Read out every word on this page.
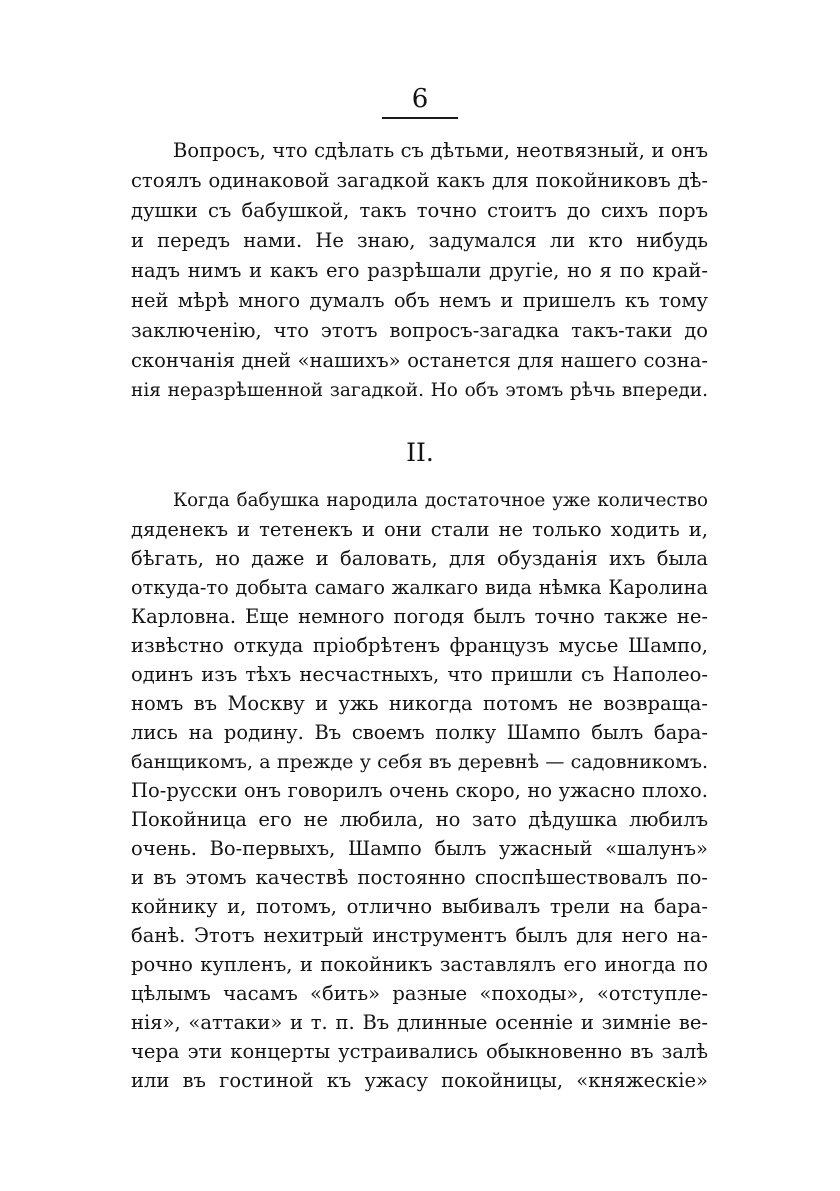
6
Вопросъ, что сдѣлать съ дѣтьми, неотвязный, и онъ
стоялъ одинаковой загадкой какъ для покойниковъ дѣ-
душки съ бабушкой, такъ точно стоитъ до сихъ поръ
и передъ нами. Не знаю, задумался ли кто нибудь
надъ нимъ и какъ его разрѣшали другіе, но я по край-
ней мѣрѣ много думалъ объ немъ и пришелъ къ тому
заключенію, что этотъ вопросъ-загадка такъ-таки до
скончанія дней «нашихъ» останется для нашего созна-
нія неразрѣшенной загадкой. Но объ этомъ рѣчь впереди.
II.
Когда бабушка народила достаточное уже количество
дяденекъ и тетенекъ и они стали не только ходить и,
бѣгать, но даже и баловать, для обузданія ихъ была
откуда-то добыта самаго жалкаго вида нѣмка Каролина
Карловна. Еще немного погодя былъ точно также не-
извѣстно откуда пріобрѣтенъ французъ мусье Шампо,
одинъ изъ тѣхъ несчастныхъ, что пришли съ Наполео-
номъ въ Москву и ужь никогда потомъ не возвраща-
лись на родину. Въ своемъ полку Шампо былъ бара-
банщикомъ, а прежде у себя въ деревнѣ — садовникомъ.
По-русски онъ говорилъ очень скоро, но ужасно плохо.
Покойница его не любила, но зато дѣдушка любилъ
очень. Во-первыхъ, Шампо былъ ужасный «шалунъ»
и въ этомъ качествѣ постоянно споспѣшествовалъ по-
койнику и, потомъ, отлично выбивалъ трели на бара-
банѣ. Этотъ нехитрый инструментъ былъ для него на-
рочно купленъ, и покойникъ заставлялъ его иногда по
цѣлымъ часамъ «бить» разные «походы», «отступле-
нія», «аттаки» и т. п. Въ длинные осенніе и зимніе ве-
чера эти концерты устраивались обыкновенно въ залѣ
или въ гостиной къ ужасу покойницы, «княжескіе»
